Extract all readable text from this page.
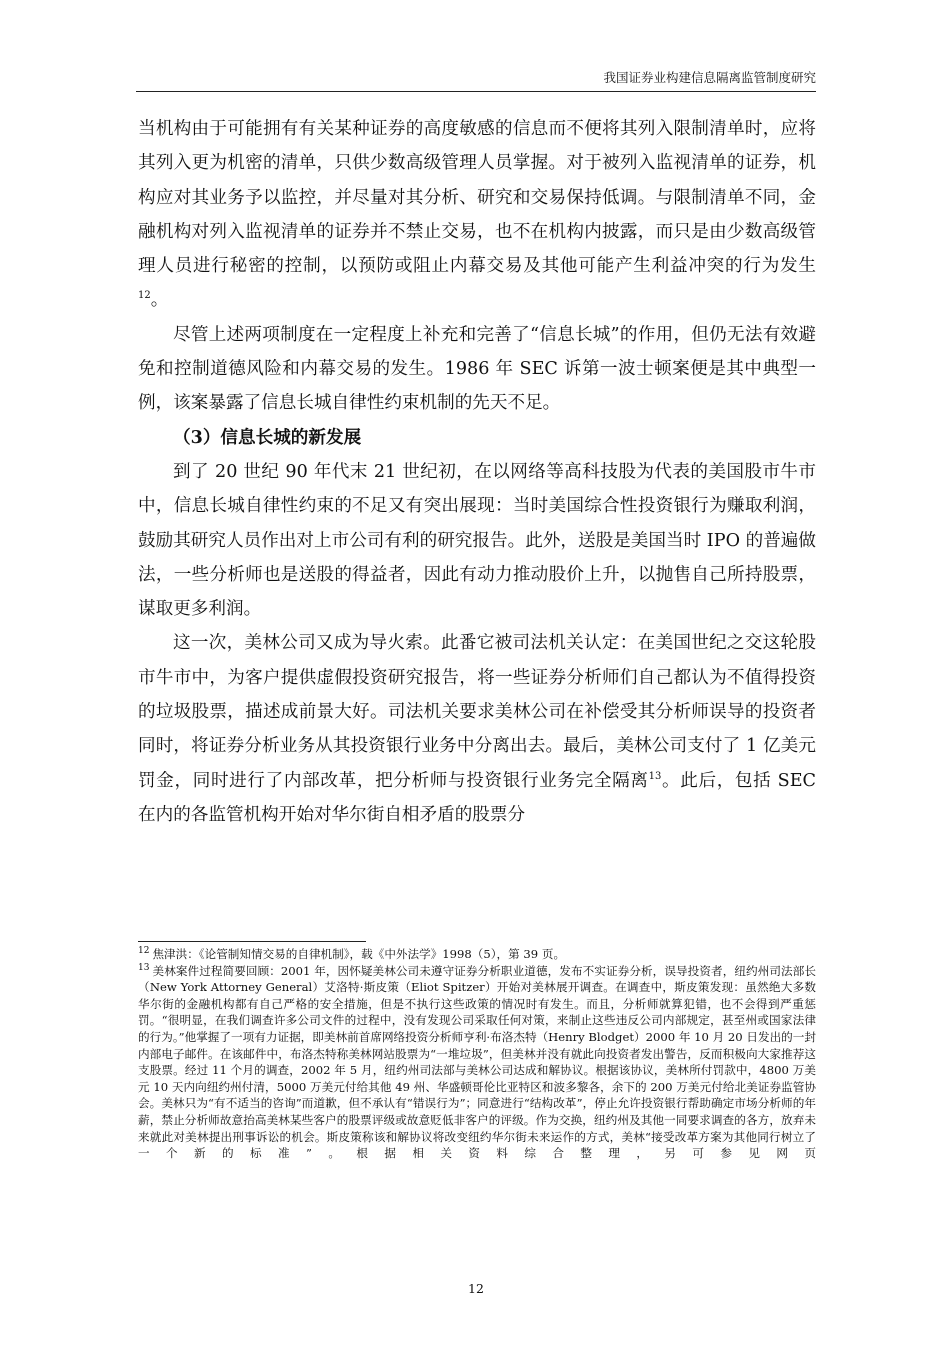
我国证券业构建信息隔离监管制度研究

当机构由于可能拥有有关某种证券的高度敏感的信息而不便将其列入限制清单时，应将其列入更为机密的清单，只供少数高级管理人员掌握。对于被列入监视清单的证券，机构应对其业务予以监控，并尽量对其分析、研究和交易保持低调。与限制清单不同，金融机构对列入监视清单的证券并不禁止交易，也不在机构内披露，而只是由少数高级管理人员进行秘密的控制，以预防或阻止内幕交易及其他可能产生利益冲突的行为发生$^{12}$。

尽管上述两项制度在一定程度上补充和完善了“信息长城”的作用，但仍无法有效避免和控制道德风险和内幕交易的发生。1986 年 SEC 诉第一波士顿案便是其中典型一例，该案暴露了信息长城自律性约束机制的先天不足。

（3）信息长城的新发展

到了 20 世纪 90 年代末 21 世纪初，在以网络等高科技股为代表的美国股市牛市中，信息长城自律性约束的不足又有突出展现：当时美国综合性投资银行为赚取利润，鼓励其研究人员作出对上市公司有利的研究报告。此外，送股是美国当时 IPO 的普遍做法，一些分析师也是送股的得益者，因此有动力推动股价上升，以抛售自己所持股票，谋取更多利润。

这一次，美林公司又成为导火索。此番它被司法机关认定：在美国世纪之交这轮股市牛市中，为客户提供虚假投资研究报告，将一些证券分析师们自己都认为不值得投资的垃圾股票，描述成前景大好。司法机关要求美林公司在补偿受其分析师误导的投资者同时，将证券分析业务从其投资银行业务中分离出去。最后，美林公司支付了 1 亿美元罚金，同时进行了内部改革，把分析师与投资银行业务完全隔离$^{13}$。此后，包括 SEC 在内的各监管机构开始对华尔街自相矛盾的股票分

$^{12}$ 焦津洪：《论管制知情交易的自律机制》，载《中外法学》1998（5），第 39 页。

$^{13}$ 美林案件过程简要回顾：2001 年，因怀疑美林公司未遵守证券分析职业道德，发布不实证券分析，误导投资者，纽约州司法部长（New York Attorney General）艾洛特·斯皮策（Eliot Spitzer）开始对美林展开调查。在调查中，斯皮策发现：虽然绝大多数华尔街的金融机构都有自己严格的安全措施，但是不执行这些政策的情况时有发生。而且，分析师就算犯错，也不会得到严重惩罚。“很明显，在我们调查许多公司文件的过程中，没有发现公司采取任何对策，来制止这些违反公司内部规定，甚至州或国家法律的行为。”他掌握了一项有力证据，即美林前首席网络投资分析师亨利·布洛杰特（Henry Blodget）2000 年 10 月 20 日发出的一封内部电子邮件。在该邮件中，布洛杰特称美林网站股票为“一堆垃圾”，但美林并没有就此向投资者发出警告，反而积极向大家推荐这支股票。经过 11 个月的调查，2002 年 5 月，纽约州司法部与美林公司达成和解协议。根据该协议，美林所付罚款中，4800 万美元 10 天内向纽约州付清，5000 万美元付给其他 49 州、华盛顿哥伦比亚特区和波多黎各，余下的 200 万美元付给北美证券监管协会。美林只为“有不适当的咨询”而道歉，但不承认有“错误行为”；同意进行“结构改革”，停止允许投资银行帮助确定市场分析师的年薪，禁止分析师故意抬高美林某些客户的股票评级或故意贬低非客户的评级。作为交换，纽约州及其他一同要求调查的各方，放弃未来就此对美林提出刑事诉讼的机会。斯皮策称该和解协议将改变纽约华尔街未来运作的方式，美林“接受改革方案为其他同行树立了一个新的标准”。根据相关资料综合整理，另可参见网页

12
